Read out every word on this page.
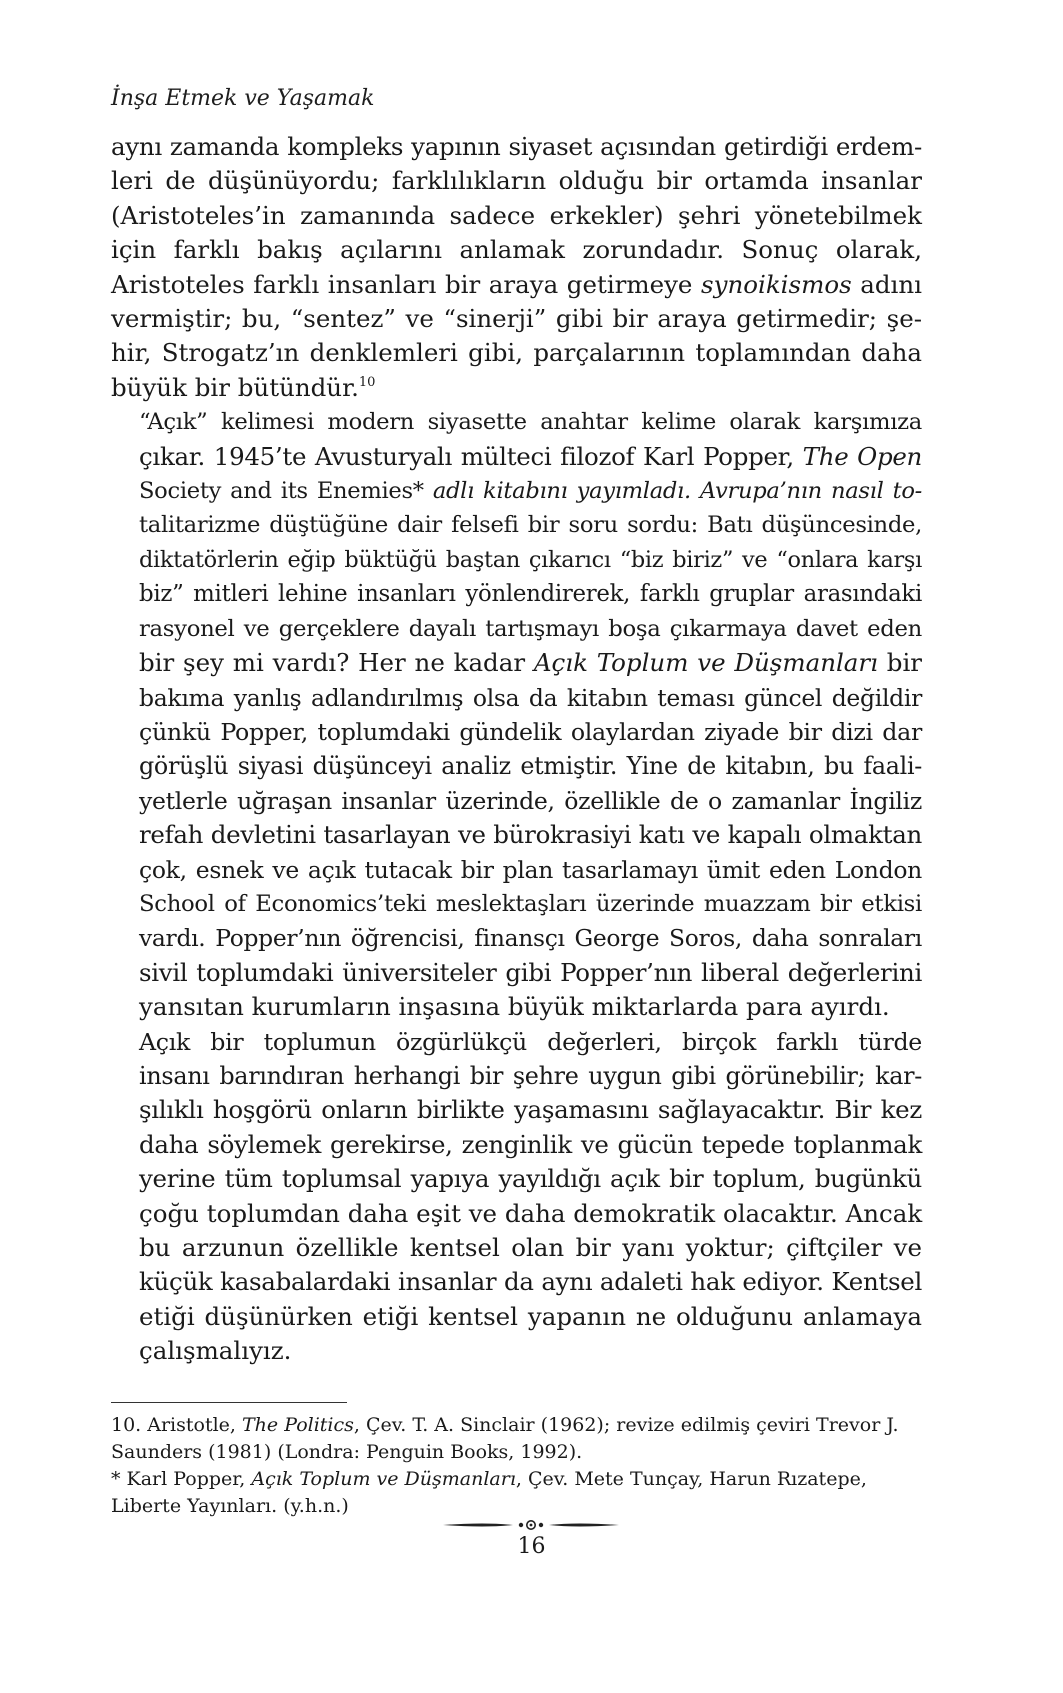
İnşa Etmek ve Yaşamak

aynı zamanda kompleks yapının siyaset açısından getirdiği erdem-
leri de düşünüyordu; farklılıkların olduğu bir ortamda insanlar
(Aristoteles’in zamanında sadece erkekler) şehri yönetebilmek
için farklı bakış açılarını anlamak zorundadır. Sonuç olarak,
Aristoteles farklı insanları bir araya getirmeye synoikismos adını
vermiştir; bu, “sentez” ve “sinerji” gibi bir araya getirmedir; şe-
hir, Strogatz’ın denklemleri gibi, parçalarının toplamından daha
büyük bir bütündür.$^{10}$

“Açık” kelimesi modern siyasette anahtar kelime olarak karşımıza
çıkar. 1945’te Avusturyalı mülteci filozof Karl Popper, The Open
Society and its Enemies* adlı kitabını yayımladı. Avrupa’nın nasıl to-
talitarizme düştüğüne dair felsefi bir soru sordu: Batı düşüncesinde,
diktatörlerin eğip büktüğü baştan çıkarıcı “biz biriz” ve “onlara karşı
biz” mitleri lehine insanları yönlendirerek, farklı gruplar arasındaki
rasyonel ve gerçeklere dayalı tartışmayı boşa çıkarmaya davet eden
bir şey mi vardı? Her ne kadar Açık Toplum ve Düşmanları bir
bakıma yanlış adlandırılmış olsa da kitabın teması güncel değildir
çünkü Popper, toplumdaki gündelik olaylardan ziyade bir dizi dar
görüşlü siyasi düşünceyi analiz etmiştir. Yine de kitabın, bu faali-
yetlerle uğraşan insanlar üzerinde, özellikle de o zamanlar İngiliz
refah devletini tasarlayan ve bürokrasiyi katı ve kapalı olmaktan
çok, esnek ve açık tutacak bir plan tasarlamayı ümit eden London
School of Economics’teki meslektaşları üzerinde muazzam bir etkisi
vardı. Popper’nın öğrencisi, finansçı George Soros, daha sonraları
sivil toplumdaki üniversiteler gibi Popper’nın liberal değerlerini
yansıtan kurumların inşasına büyük miktarlarda para ayırdı.

Açık bir toplumun özgürlükçü değerleri, birçok farklı türde
insanı barındıran herhangi bir şehre uygun gibi görünebilir; kar-
şılıklı hoşgörü onların birlikte yaşamasını sağlayacaktır. Bir kez
daha söylemek gerekirse, zenginlik ve gücün tepede toplanmak
yerine tüm toplumsal yapıya yayıldığı açık bir toplum, bugünkü
çoğu toplumdan daha eşit ve daha demokratik olacaktır. Ancak
bu arzunun özellikle kentsel olan bir yanı yoktur; çiftçiler ve
küçük kasabalardaki insanlar da aynı adaleti hak ediyor. Kentsel
etiği düşünürken etiği kentsel yapanın ne olduğunu anlamaya
çalışmalıyız.

10. Aristotle, The Politics, Çev. T. A. Sinclair (1962); revize edilmiş çeviri Trevor J. Saunders (1981) (Londra: Penguin Books, 1992).

* Karl Popper, Açık Toplum ve Düşmanları, Çev. Mete Tunçay, Harun Rızatepe, Liberte Yayınları. (y.h.n.)

16
